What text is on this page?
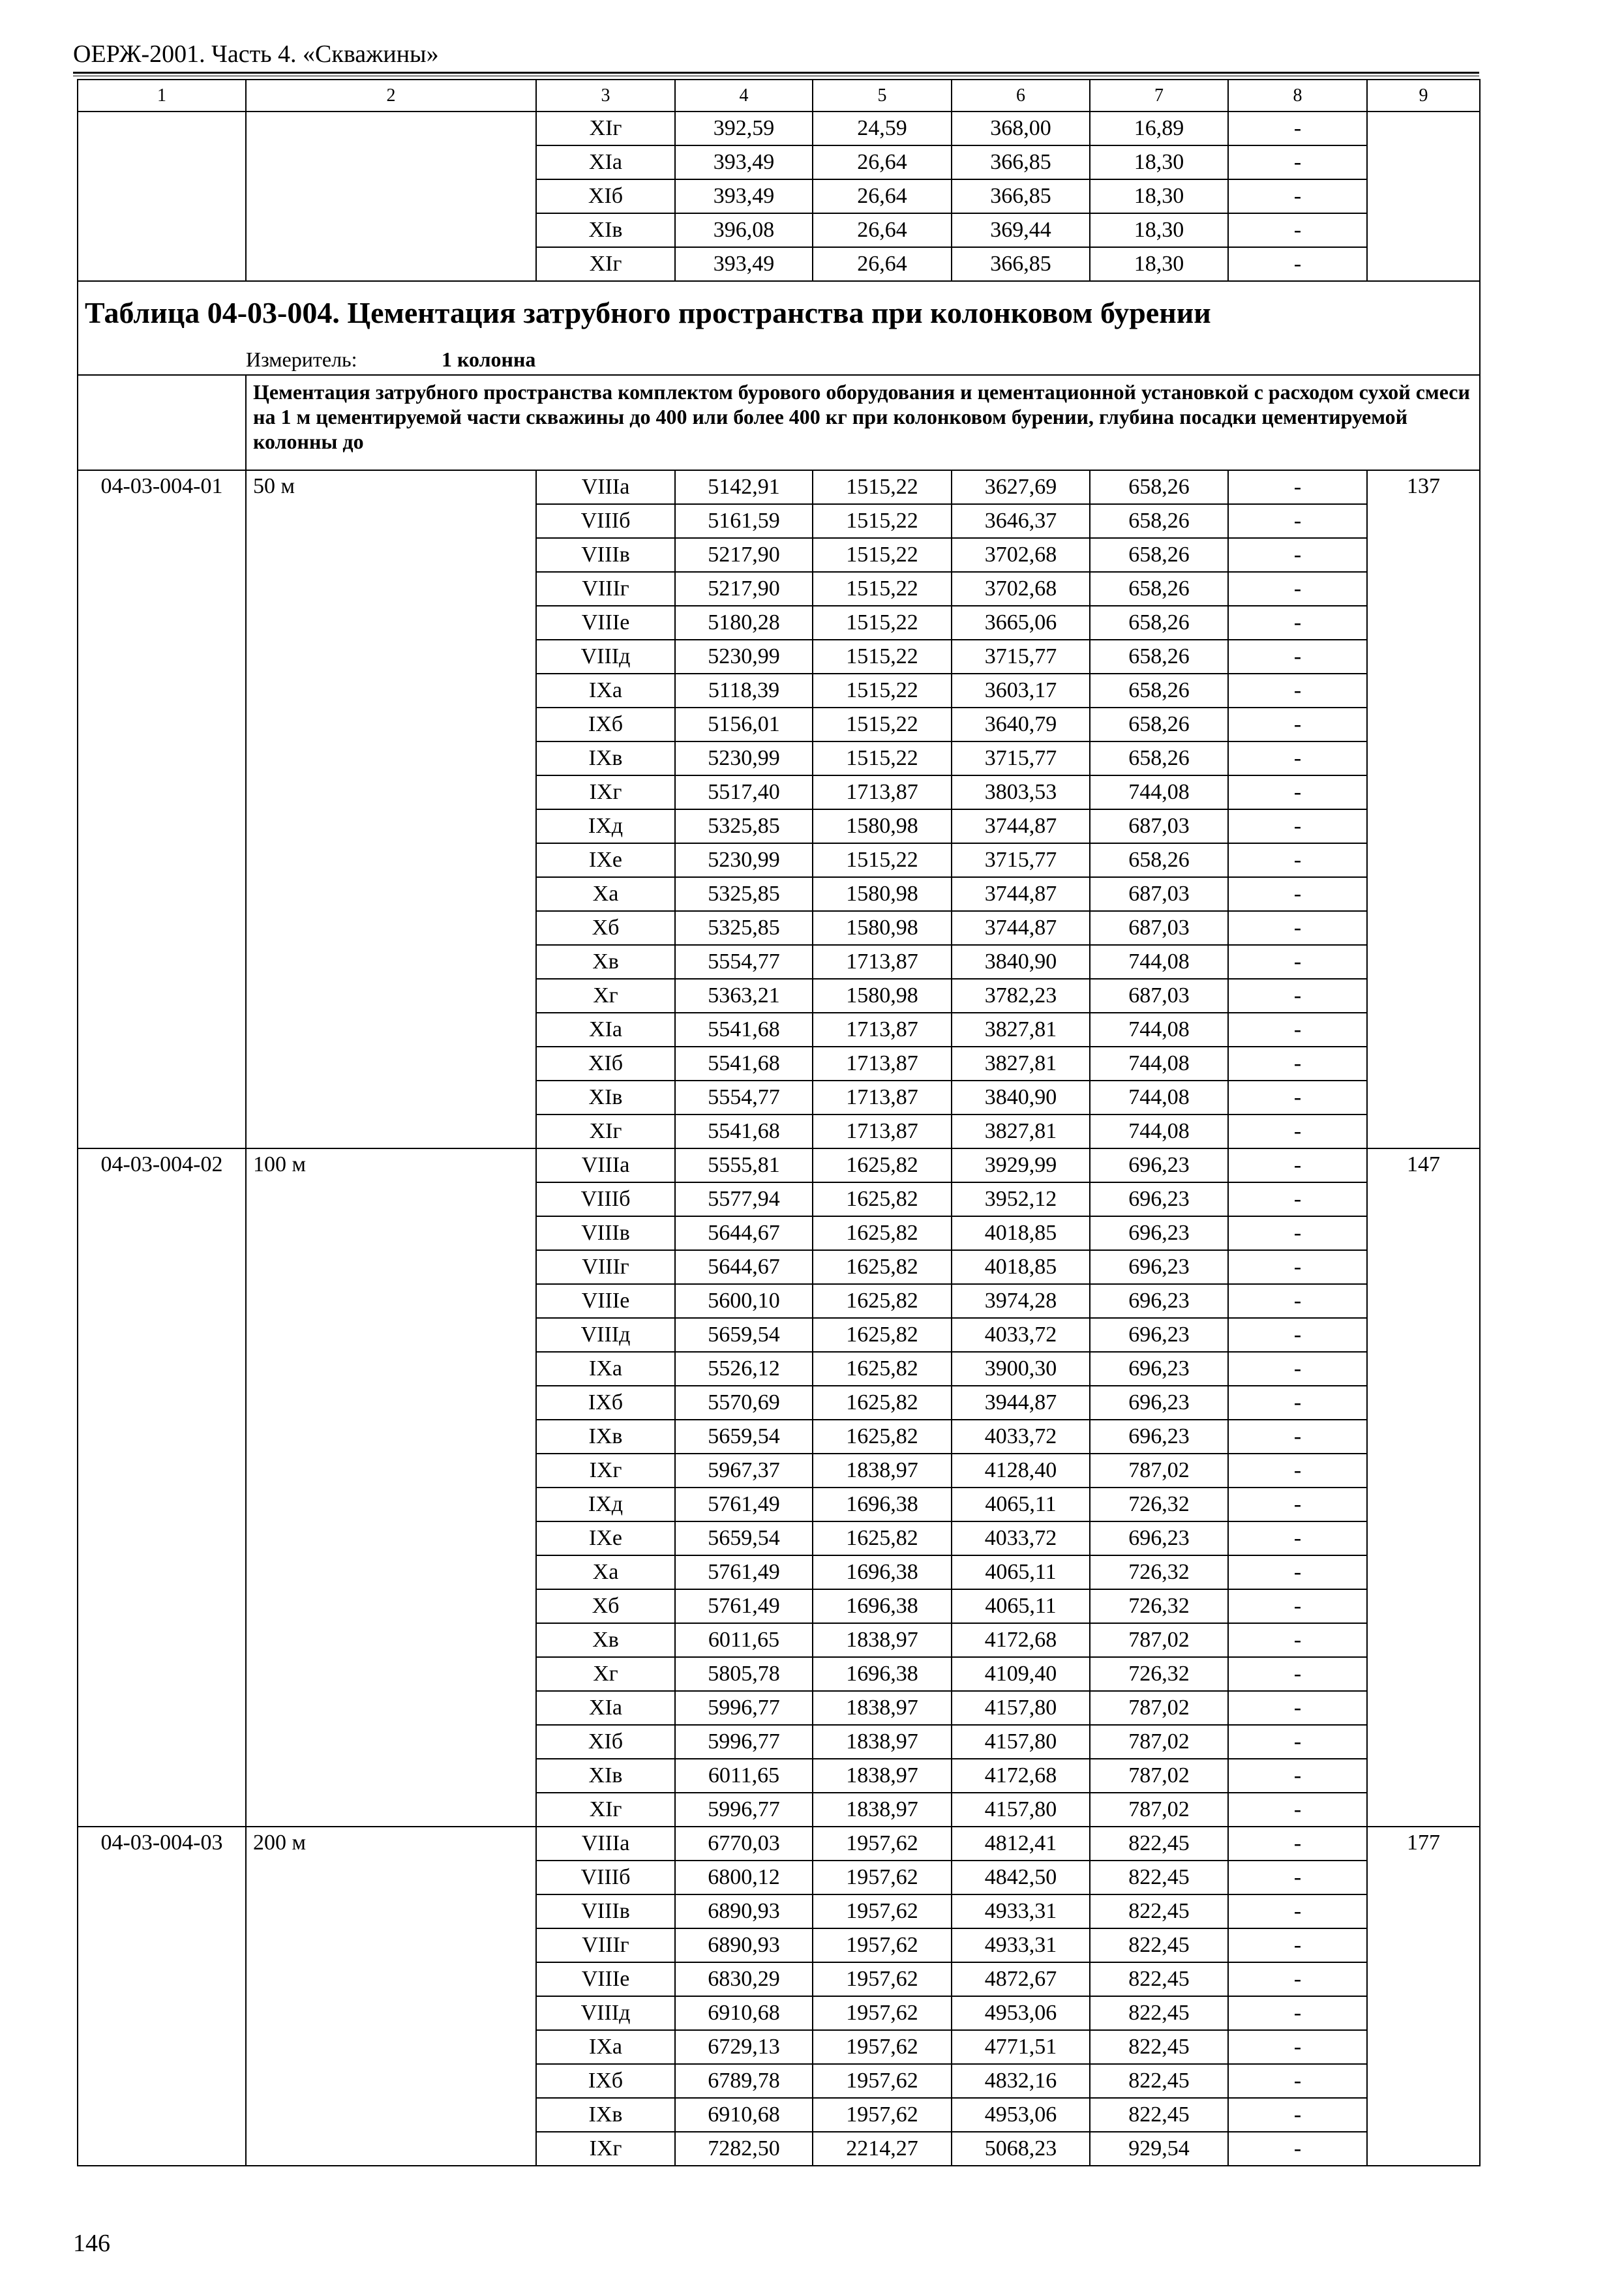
ОЕРЖ-2001. Часть 4. «Скважины»
1	2	3	4	5	6	7	8	9
		XIг	392,59	24,59	368,00	16,89	-	
		XIа	393,49	26,64	366,85	18,30	-	
		XIб	393,49	26,64	366,85	18,30	-	
		XIв	396,08	26,64	369,44	18,30	-	
		XIг	393,49	26,64	366,85	18,30	-	
Таблица 04-03-004. Цементация затрубного пространства при колонковом бурении								
	Измеритель: 1 колонна							
	Цементация затрубного пространства комплектом бурового оборудования и цементационной установкой с расходом сухой смеси на 1 м цементируемой части скважины до 400 или более 400 кг при колонковом бурении, глубина посадки цементируемой колонны до							
04-03-004-01	50 м	VIIIа	5142,91	1515,22	3627,69	658,26	-	137
		VIIIб	5161,59	1515,22	3646,37	658,26	-	
		VIIIв	5217,90	1515,22	3702,68	658,26	-	
		VIIIг	5217,90	1515,22	3702,68	658,26	-	
		VIIIе	5180,28	1515,22	3665,06	658,26	-	
		VIIIд	5230,99	1515,22	3715,77	658,26	-	
		IXа	5118,39	1515,22	3603,17	658,26	-	
		IXб	5156,01	1515,22	3640,79	658,26	-	
		IXв	5230,99	1515,22	3715,77	658,26	-	
		IXг	5517,40	1713,87	3803,53	744,08	-	
		IXд	5325,85	1580,98	3744,87	687,03	-	
		IXе	5230,99	1515,22	3715,77	658,26	-	
		Xа	5325,85	1580,98	3744,87	687,03	-	
		Xб	5325,85	1580,98	3744,87	687,03	-	
		Xв	5554,77	1713,87	3840,90	744,08	-	
		Xг	5363,21	1580,98	3782,23	687,03	-	
		XIа	5541,68	1713,87	3827,81	744,08	-	
		XIб	5541,68	1713,87	3827,81	744,08	-	
		XIв	5554,77	1713,87	3840,90	744,08	-	
		XIг	5541,68	1713,87	3827,81	744,08	-	
04-03-004-02	100 м	VIIIа	5555,81	1625,82	3929,99	696,23	-	147
		VIIIб	5577,94	1625,82	3952,12	696,23	-	
		VIIIв	5644,67	1625,82	4018,85	696,23	-	
		VIIIг	5644,67	1625,82	4018,85	696,23	-	
		VIIIе	5600,10	1625,82	3974,28	696,23	-	
		VIIIд	5659,54	1625,82	4033,72	696,23	-	
		IXа	5526,12	1625,82	3900,30	696,23	-	
		IXб	5570,69	1625,82	3944,87	696,23	-	
		IXв	5659,54	1625,82	4033,72	696,23	-	
		IXг	5967,37	1838,97	4128,40	787,02	-	
		IXд	5761,49	1696,38	4065,11	726,32	-	
		IXе	5659,54	1625,82	4033,72	696,23	-	
		Xа	5761,49	1696,38	4065,11	726,32	-	
		Xб	5761,49	1696,38	4065,11	726,32	-	
		Xв	6011,65	1838,97	4172,68	787,02	-	
		Xг	5805,78	1696,38	4109,40	726,32	-	
		XIа	5996,77	1838,97	4157,80	787,02	-	
		XIб	5996,77	1838,97	4157,80	787,02	-	
		XIв	6011,65	1838,97	4172,68	787,02	-	
		XIг	5996,77	1838,97	4157,80	787,02	-	
04-03-004-03	200 м	VIIIа	6770,03	1957,62	4812,41	822,45	-	177
		VIIIб	6800,12	1957,62	4842,50	822,45	-	
		VIIIв	6890,93	1957,62	4933,31	822,45	-	
		VIIIг	6890,93	1957,62	4933,31	822,45	-	
		VIIIе	6830,29	1957,62	4872,67	822,45	-	
		VIIIд	6910,68	1957,62	4953,06	822,45	-	
		IXа	6729,13	1957,62	4771,51	822,45	-	
		IXб	6789,78	1957,62	4832,16	822,45	-	
		IXв	6910,68	1957,62	4953,06	822,45	-	
		IXг	7282,50	2214,27	5068,23	929,54	-	
146
